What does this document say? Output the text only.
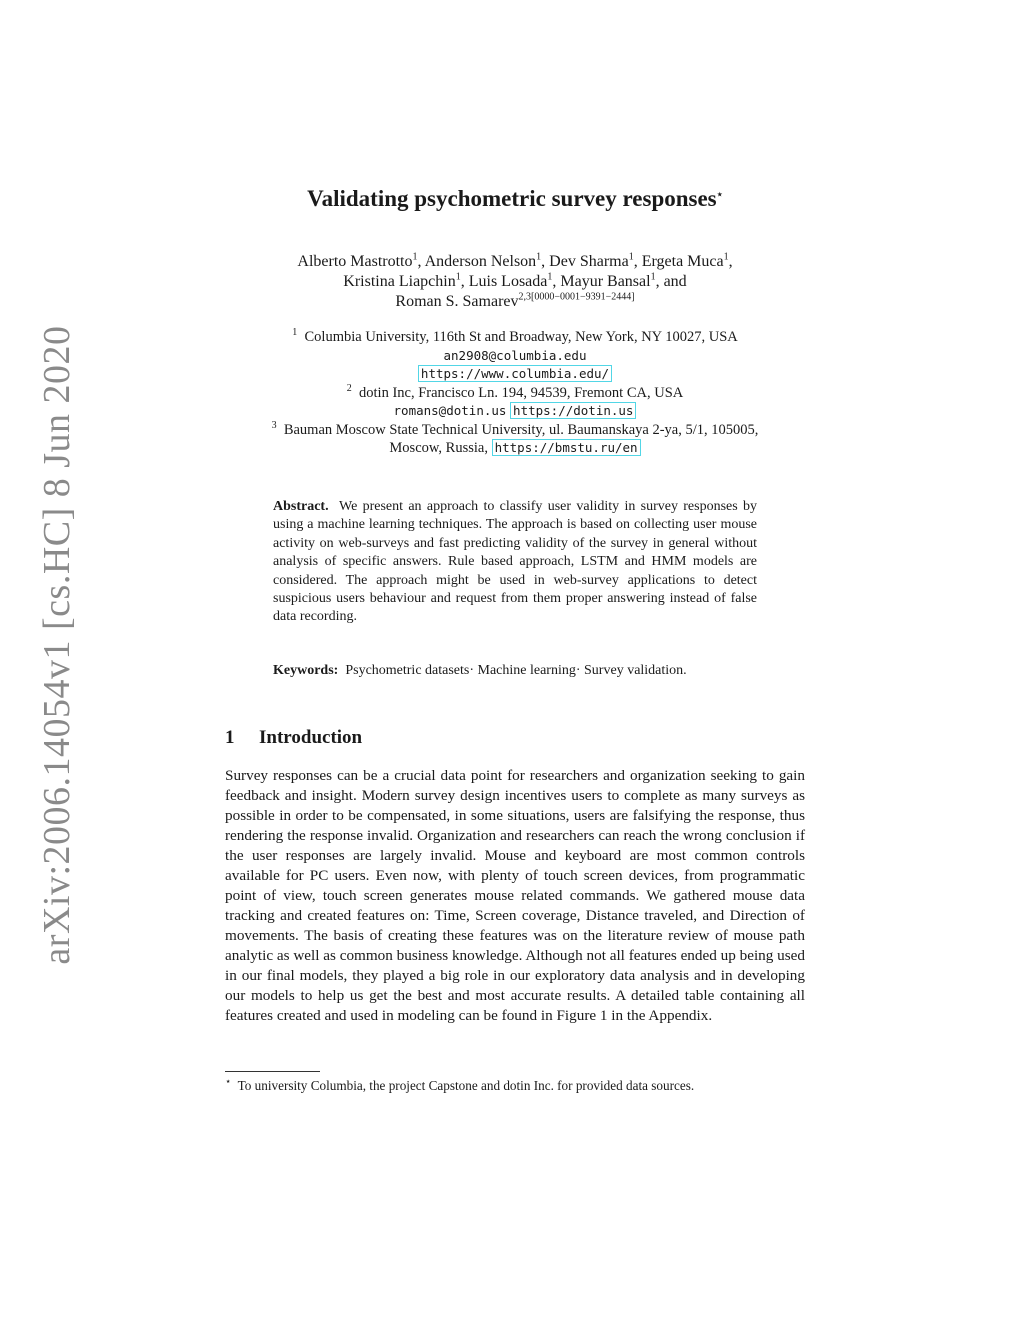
arXiv:2006.14054v1 [cs.HC] 8 Jun 2020
Validating psychometric survey responses⋆
Alberto Mastrotto$^1$, Anderson Nelson$^1$, Dev Sharma$^1$, Ergeta Muca$^1$,
Kristina Liapchin$^1$, Luis Losada$^1$, Mayur Bansal$^1$, and
Roman S. Samarev$^{2,3[0000-0001-9391-2444]}$
$^1$ Columbia University, 116th St and Broadway, New York, NY 10027, USA
an2908@columbia.edu
https://www.columbia.edu/
$^2$ dotin Inc, Francisco Ln. 194, 94539, Fremont CA, USA
romans@dotin.us https://dotin.us
$^3$ Bauman Moscow State Technical University, ul. Baumanskaya 2-ya, 5/1, 105005,
Moscow, Russia, https://bmstu.ru/en
Abstract. We present an approach to classify user validity in survey responses by using a machine learning techniques. The approach is based on collecting user mouse activity on web-surveys and fast predicting validity of the survey in general without analysis of specific answers. Rule based approach, LSTM and HMM models are considered. The approach might be used in web-survey applications to detect suspicious users behaviour and request from them proper answering instead of false data recording.
Keywords: Psychometric datasets· Machine learning· Survey validation.
1 Introduction
Survey responses can be a crucial data point for researchers and organization seeking to gain feedback and insight. Modern survey design incentives users to complete as many surveys as possible in order to be compensated, in some situations, users are falsifying the response, thus rendering the response invalid. Organization and researchers can reach the wrong conclusion if the user responses are largely invalid. Mouse and keyboard are most common controls available for PC users. Even now, with plenty of touch screen devices, from programmatic point of view, touch screen generates mouse related commands. We gathered mouse data tracking and created features on: Time, Screen coverage, Distance traveled, and Direction of movements. The basis of creating these features was on the literature review of mouse path analytic as well as common business knowledge. Although not all features ended up being used in our final models, they played a big role in our exploratory data analysis and in developing our models to help us get the best and most accurate results. A detailed table containing all features created and used in modeling can be found in Figure 1 in the Appendix.
⋆ To university Columbia, the project Capstone and dotin Inc. for provided data sources.
